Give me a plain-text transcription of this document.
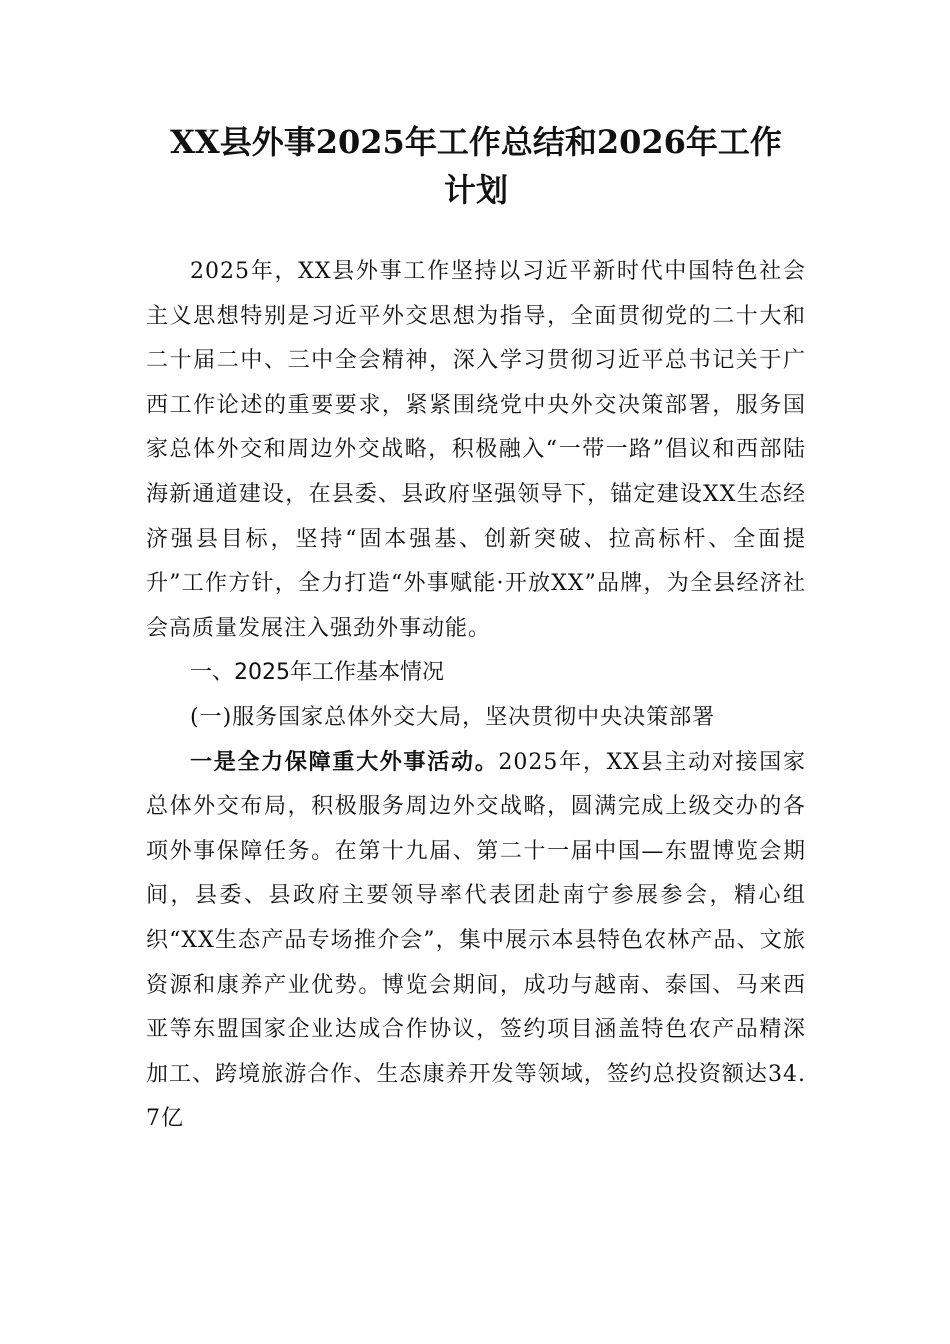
XX县外事2025年工作总结和2026年工作
计划

2025年，XX县外事工作坚持以习近平新时代中国特色社会主义思想特别是习近平外交思想为指导，全面贯彻党的二十大和二十届二中、三中全会精神，深入学习贯彻习近平总书记关于广西工作论述的重要要求，紧紧围绕党中央外交决策部署，服务国家总体外交和周边外交战略，积极融入“一带一路”倡议和西部陆海新通道建设，在县委、县政府坚强领导下，锚定建设XX生态经济强县目标，坚持“固本强基、创新突破、拉高标杆、全面提升”工作方针，全力打造“外事赋能·开放XX”品牌，为全县经济社会高质量发展注入强劲外事动能。

一、2025年工作基本情况

(一)服务国家总体外交大局，坚决贯彻中央决策部署

一是全力保障重大外事活动。2025年，XX县主动对接国家总体外交布局，积极服务周边外交战略，圆满完成上级交办的各项外事保障任务。在第十九届、第二十一届中国—东盟博览会期间，县委、县政府主要领导率代表团赴南宁参展参会，精心组织“XX生态产品专场推介会”，集中展示本县特色农林产品、文旅资源和康养产业优势。博览会期间，成功与越南、泰国、马来西亚等东盟国家企业达成合作协议，签约项目涵盖特色农产品精深加工、跨境旅游合作、生态康养开发等领域，签约总投资额达34.7亿
